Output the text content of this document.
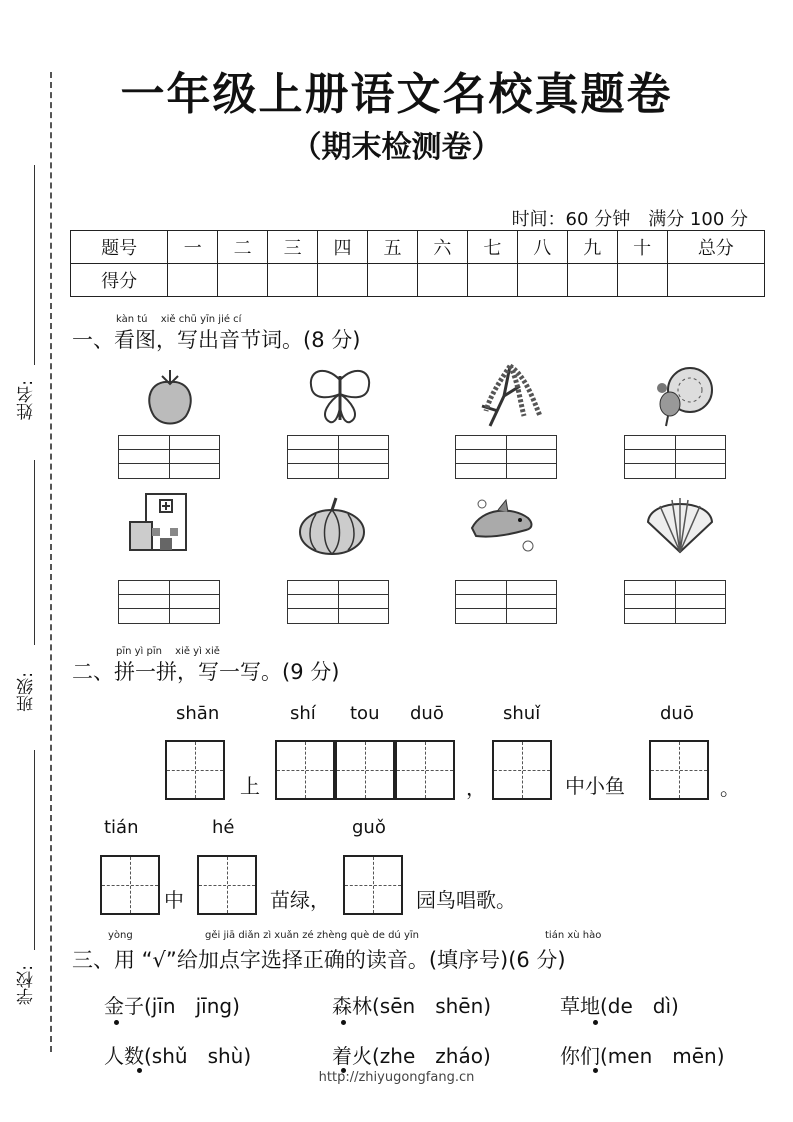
姓名:
班级:
学校:
一年级上册语文名校真题卷
（期末检测卷）
时间：60 分钟　满分 100 分
题号	一	二	三	四	五	六	七	八	九	十	总分
得分											
kàn tú　 xiě chū yīn jié cí
一、看图，写出音节词。(8 分)
pīn yì pīn　 xiě yì xiě
二、拼一拼，写一写。(9 分)
shān	shí tou duō	shuǐ	duō
上	，	中小鱼	。
tián	hé	guǒ
中	苗绿，	园鸟唱歌。
yòng	gěi jiā diǎn zì xuǎn zé zhèng què de dú yīn	tián xù hào
三、用 “√”给加点字选择正确的读音。(填序号)(6 分)
金子(jīn　jīng)	森林(sēn　shēn)	草地(de　dì)
人数(shǔ　shù)	着火(zhe　zháo)	你们(men　mēn)
http://zhiyugongfang.cn
